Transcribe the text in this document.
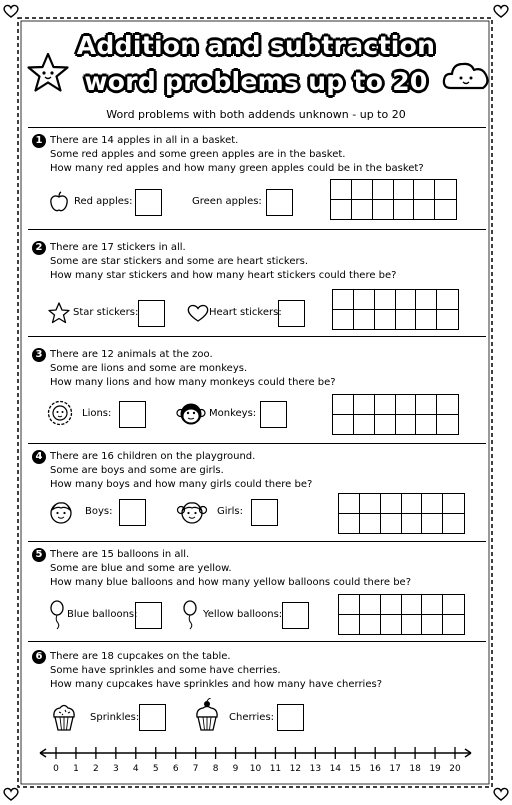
Addition and subtraction
word problems up to 20
Word problems with both addends unknown - up to 20
1 There are 14 apples in all in a basket.
Some red apples and some green apples are in the basket.
How many red apples and how many green apples could be in the basket?
Red apples:	Green apples:
2 There are 17 stickers in all.
Some are star stickers and some are heart stickers.
How many star stickers and how many heart stickers could there be?
Star stickers:	Heart stickers:
3 There are 12 animals at the zoo.
Some are lions and some are monkeys.
How many lions and how many monkeys could there be?
Lions:	Monkeys:
4 There are 16 children on the playground.
Some are boys and some are girls.
How many boys and how many girls could there be?
Boys:	Girls:
5 There are 15 balloons in all.
Some are blue and some are yellow.
How many blue balloons and how many yellow balloons could there be?
Blue balloons:	Yellow balloons:
6 There are 18 cupcakes on the table.
Some have sprinkles and some have cherries.
How many cupcakes have sprinkles and how many have cherries?
Sprinkles:	Cherries:
0	1	2	3	4	5	6	7	8	9	10 11 12 13 14 15 16 17 18 19 20
